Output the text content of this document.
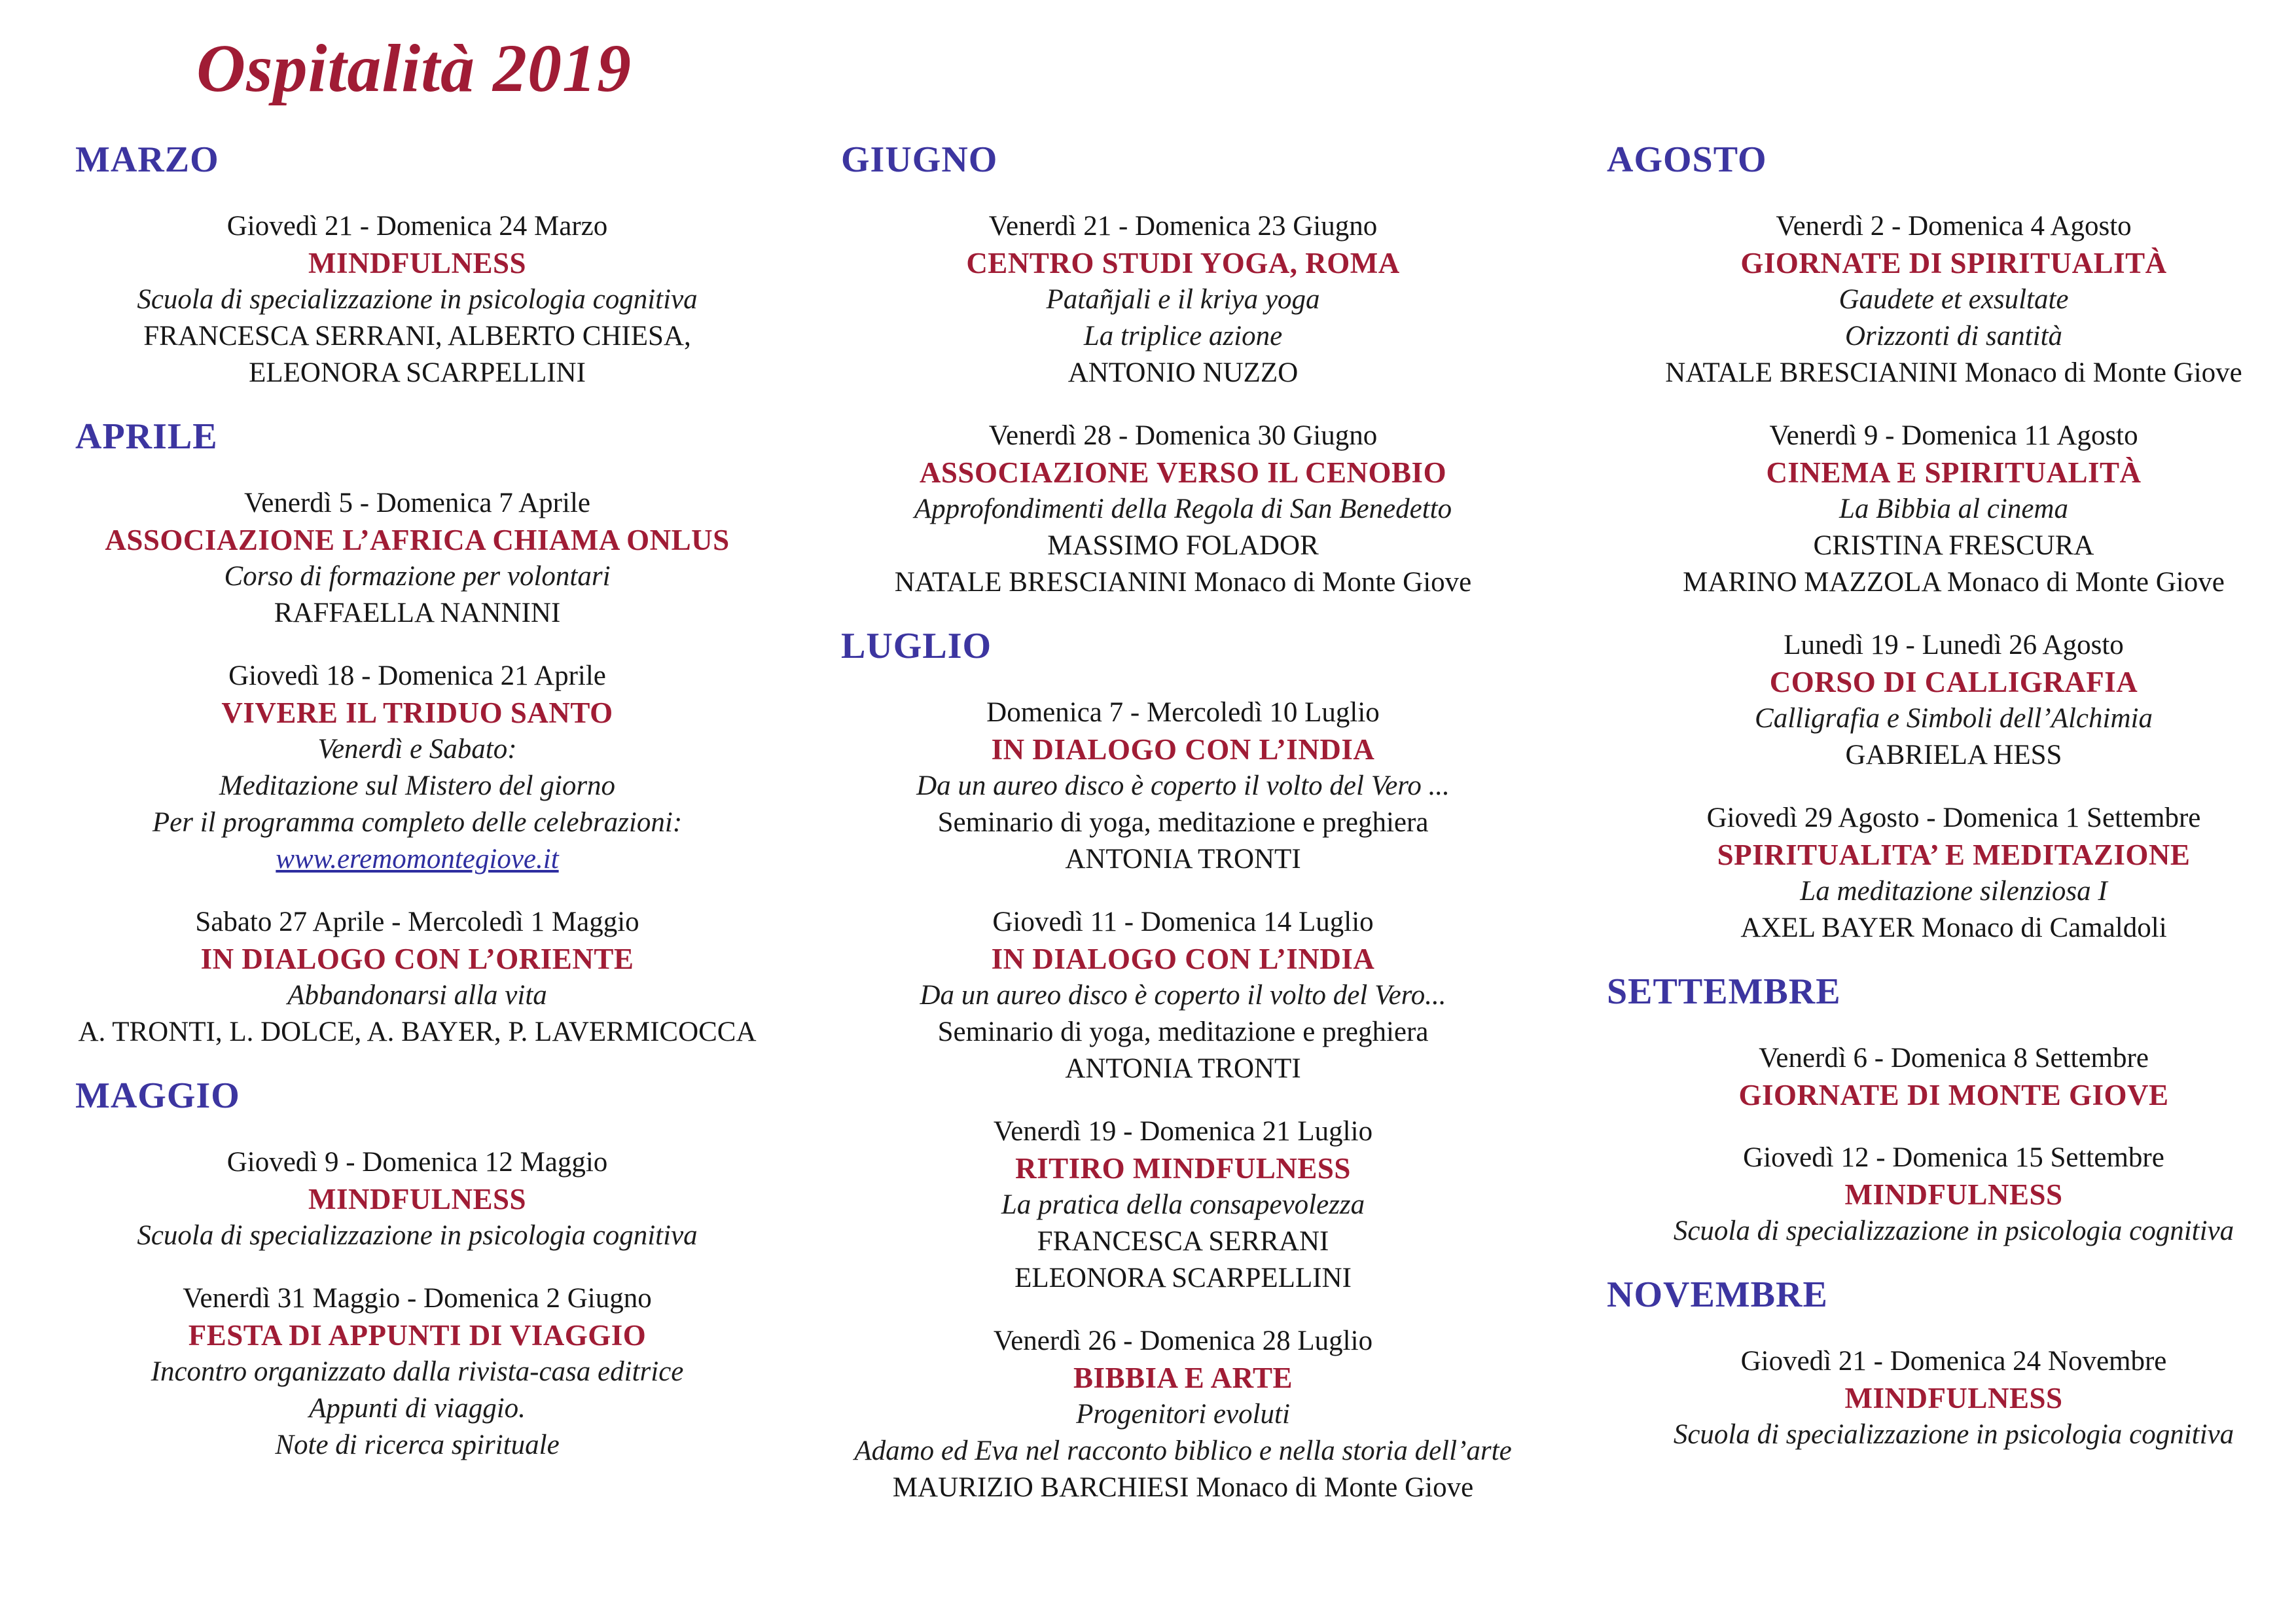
Ospitalità 2019
MARZO

Giovedì 21 - Domenica 24 Marzo

MINDFULNESS

Scuola di specializzazione in psicologia cognitiva

FRANCESCA SERRANI, ALBERTO CHIESA,

ELEONORA SCARPELLINI

APRILE

Venerdì 5 - Domenica 7 Aprile

ASSOCIAZIONE L’AFRICA CHIAMA ONLUS

Corso di formazione per volontari

RAFFAELLA NANNINI

Giovedì 18 - Domenica 21 Aprile

VIVERE IL TRIDUO SANTO

Venerdì e Sabato:

Meditazione sul Mistero del giorno

Per il programma completo delle celebrazioni:

www.eremomontegiove.it

Sabato 27 Aprile - Mercoledì 1 Maggio

IN DIALOGO CON L’ORIENTE

Abbandonarsi alla vita

A. TRONTI, L. DOLCE, A. BAYER, P. LAVERMICOCCA

MAGGIO

Giovedì 9 - Domenica 12 Maggio

MINDFULNESS

Scuola di specializzazione in psicologia cognitiva

Venerdì 31 Maggio - Domenica 2 Giugno

FESTA DI APPUNTI DI VIAGGIO

Incontro organizzato dalla rivista-casa editrice

Appunti di viaggio.

Note di ricerca spirituale

GIUGNO

Venerdì 21 - Domenica 23 Giugno

CENTRO STUDI YOGA, ROMA

Patañjali e il kriya yoga

La triplice azione

ANTONIO NUZZO

Venerdì 28 - Domenica 30 Giugno

ASSOCIAZIONE VERSO IL CENOBIO

Approfondimenti della Regola di San Benedetto

MASSIMO FOLADOR

NATALE BRESCIANINI Monaco di Monte Giove

LUGLIO

Domenica 7 - Mercoledì 10 Luglio

IN DIALOGO CON L’INDIA

Da un aureo disco è coperto il volto del Vero ...

Seminario di yoga, meditazione e preghiera

ANTONIA TRONTI

Giovedì 11 - Domenica 14 Luglio

IN DIALOGO CON L’INDIA

Da un aureo disco è coperto il volto del Vero...

Seminario di yoga, meditazione e preghiera

ANTONIA TRONTI

Venerdì 19 - Domenica 21 Luglio

RITIRO MINDFULNESS

La pratica della consapevolezza

FRANCESCA SERRANI

ELEONORA SCARPELLINI

Venerdì 26 - Domenica 28 Luglio

BIBBIA E ARTE

Progenitori evoluti

Adamo ed Eva nel racconto biblico e nella storia dell’arte

MAURIZIO BARCHIESI Monaco di Monte Giove

AGOSTO

Venerdì 2 - Domenica 4 Agosto

GIORNATE DI SPIRITUALITÀ

Gaudete et exsultate

Orizzonti di santità

NATALE BRESCIANINI Monaco di Monte Giove

Venerdì 9 - Domenica 11 Agosto

CINEMA E SPIRITUALITÀ

La Bibbia al cinema

CRISTINA FRESCURA

MARINO MAZZOLA Monaco di Monte Giove

Lunedì 19 - Lunedì 26 Agosto

CORSO DI CALLIGRAFIA

Calligrafia e Simboli dell’Alchimia

GABRIELA HESS

Giovedì 29 Agosto - Domenica 1 Settembre

SPIRITUALITA’ E MEDITAZIONE

La meditazione silenziosa I

AXEL BAYER Monaco di Camaldoli

SETTEMBRE

Venerdì 6 - Domenica 8 Settembre

GIORNATE DI MONTE GIOVE

Giovedì 12 - Domenica 15 Settembre

MINDFULNESS

Scuola di specializzazione in psicologia cognitiva

NOVEMBRE

Giovedì 21 - Domenica 24 Novembre

MINDFULNESS

Scuola di specializzazione in psicologia cognitiva
